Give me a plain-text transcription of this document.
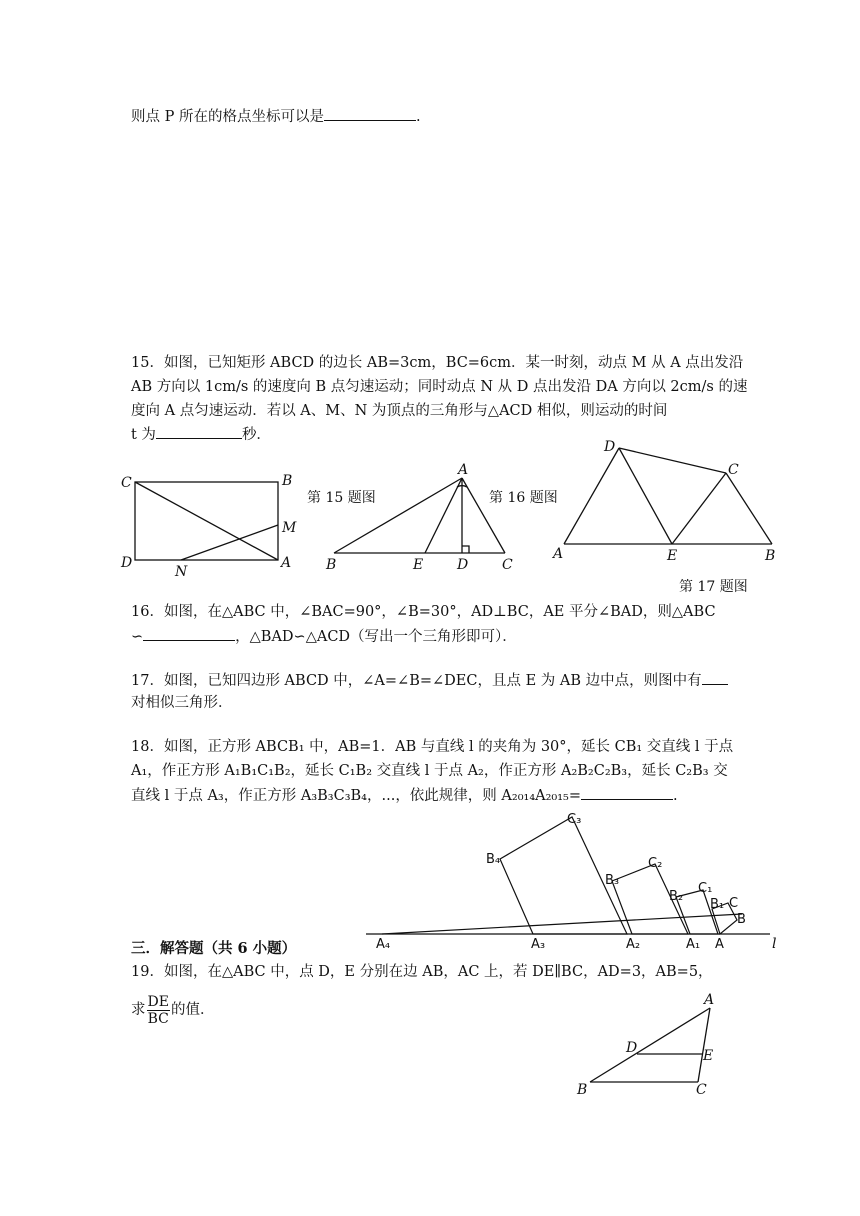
则点 P 所在的格点坐标可以是	.
15．如图，已知矩形 ABCD 的边长 AB=3cm，BC=6cm．某一时刻，动点 M 从 A 点出发沿
AB 方向以 1cm/s 的速度向 B 点匀速运动；同时动点 N 从 D 点出发沿 DA 方向以 2cm/s 的速
度向 A 点匀速运动．若以 A、M、N 为顶点的三角形与△ACD 相似，则运动的时间
t 为	秒．
C	B
M
D
N
A
第 15 题图
A
B	E D C
第 16 题图
D
C
A	E	B
第 17 题图
16．如图，在△ABC 中，∠BAC=90°，∠B=30°，AD⊥BC，AE 平分∠BAD，则△ABC
∽	，△BAD∽△ACD（写出一个三角形即可）．
17．如图，已知四边形 ABCD 中，∠A=∠B=∠DEC，且点 E 为 AB 边中点，则图中有
对相似三角形．
18．如图，正方形 ABCB₁ 中，AB=1．AB 与直线 l 的夹角为 30°，延长 CB₁ 交直线 l 于点
A₁，作正方形 A₁B₁C₁B₂，延长 C₁B₂ 交直线 l 于点 A₂，作正方形 A₂B₂C₂B₃，延长 C₂B₃ 交
直线 l 于点 A₃，作正方形 A₃B₃C₃B₄，...，依此规律，则 A₂₀₁₄A₂₀₁₅=	.
C₃
B₄	C₂
B₃
C₁
B₂
B₁ C
B
A₄	A₃	A₂	A₁ A	l
三．解答题（共 6 小题）
19．如图，在△ABC 中，点 D，E 分别在边 AB，AC 上，若 DE∥BC，AD=3，AB=5，
求 $\frac{DE}{BC}$ 的值．
A
D	E
B	C
